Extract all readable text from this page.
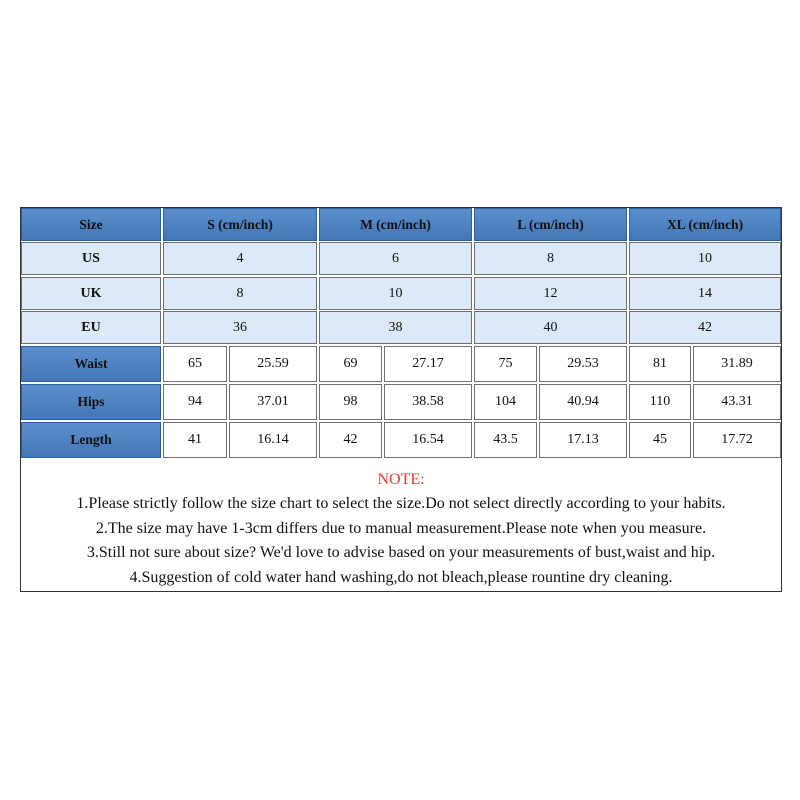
Size	S (cm/inch)	M (cm/inch)	L (cm/inch)	XL (cm/inch)
US	4	6	8	10
UK	8	10	12	14
EU	36	38	40	42
Waist	65	25.59	69	27.17	75	29.53	81	31.89
Hips	94	37.01	98	38.58	104	40.94	110	43.31
Length	41	16.14	42	16.54	43.5	17.13	45	17.72
NOTE:
1.Please strictly follow the size chart to select the size.Do not select directly according to your habits.
2.The size may have 1-3cm differs due to manual measurement.Please note when you measure.
3.Still not sure about size? We'd love to advise based on your measurements of bust,waist and hip.
4.Suggestion of cold water hand washing,do not bleach,please rountine dry cleaning.
